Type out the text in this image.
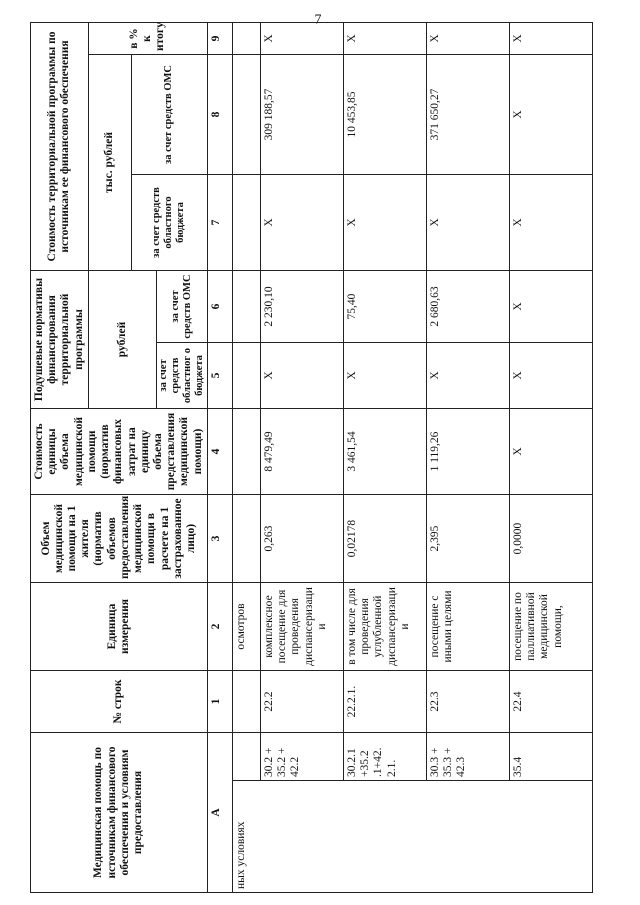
7
Медицинская помощь по источникам финансового обеспечения и условиям предоставления		№ строк	Единица измерения	Объем медицинской помощи на 1 жителя (норматив объемов предоставления медицинской помощи в расчете на 1 застрахованное лицо)	Стоимость единицы объема медицинской помощи (норматив финансовых затрат на единицу объема представления медицинской помощи)	Подушевые нормативы финансирования территориальной программы		Стоимость территориальной программы по источникам ее финансового обеспечения		
						рублей		тыс. рублей		в % к итогу
								за счет средств областного бюджета	за счет средств ОМС	
						за счет средств областног о бюджета	за счет средств ОМС			
А		1	2	3	4	5	6	7	8	9
ных условиях			осмотров							
	30.2 + 35.2 + 42.2	22.2	комплексное посещение для проведения диспансеризаци и	0,263	8 479,49	X	2 230,10	X	309 188,57	X
	30.2.1 +35.2 .1+42. 2.1.	22.2.1.	в том числе для проведения углубленной диспансеризаци и	0,02178	3 461,54	X	75,40	X	10 453,85	X
	30.3 + 35.3 + 42.3	22.3	посещение с иными целями	2,395	1 119,26	X	2 680,63	X	371 650,27	X
	35.4	22.4	посещение по паллиативной медицинской помощи,	0,0000	X	X	X	X	X	X
